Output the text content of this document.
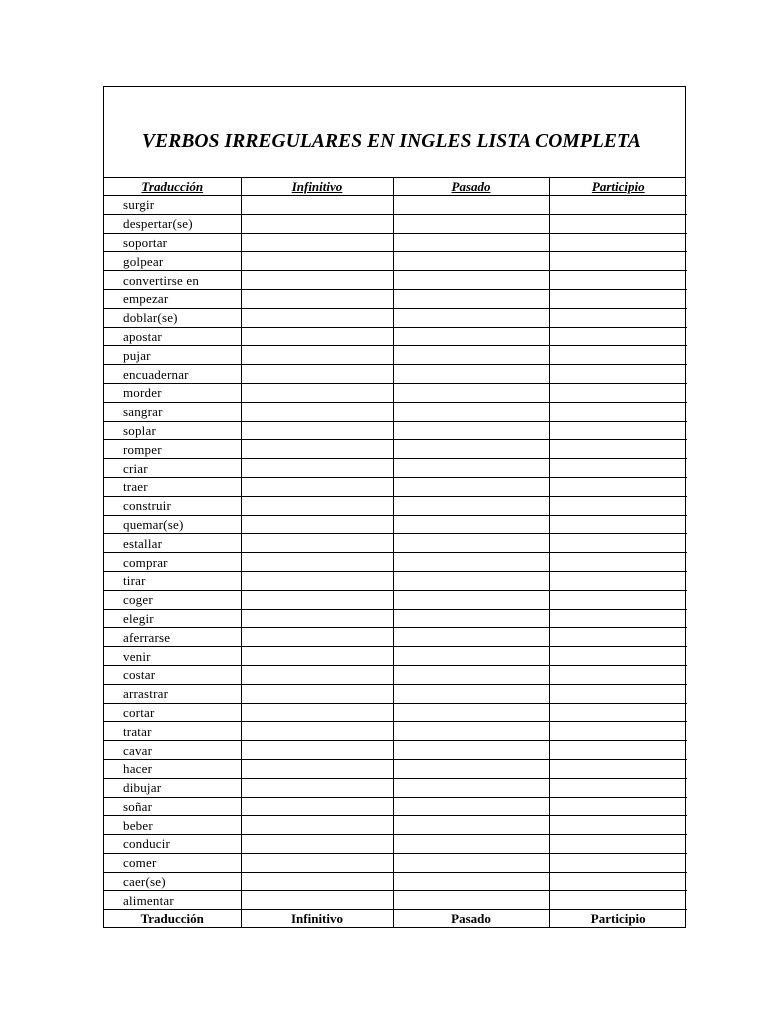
VERBOS IRREGULARES EN INGLES LISTA COMPLETA
Traducción	Infinitivo	Pasado	Participio
surgir			
despertar(se)			
soportar			
golpear			
convertirse en			
empezar			
doblar(se)			
apostar			
pujar			
encuadernar			
morder			
sangrar			
soplar			
romper			
criar			
traer			
construir			
quemar(se)			
estallar			
comprar			
tirar			
coger			
elegir			
aferrarse			
venir			
costar			
arrastrar			
cortar			
tratar			
cavar			
hacer			
dibujar			
soñar			
beber			
conducir			
comer			
caer(se)			
alimentar			
Traducción	Infinitivo	Pasado	Participio
